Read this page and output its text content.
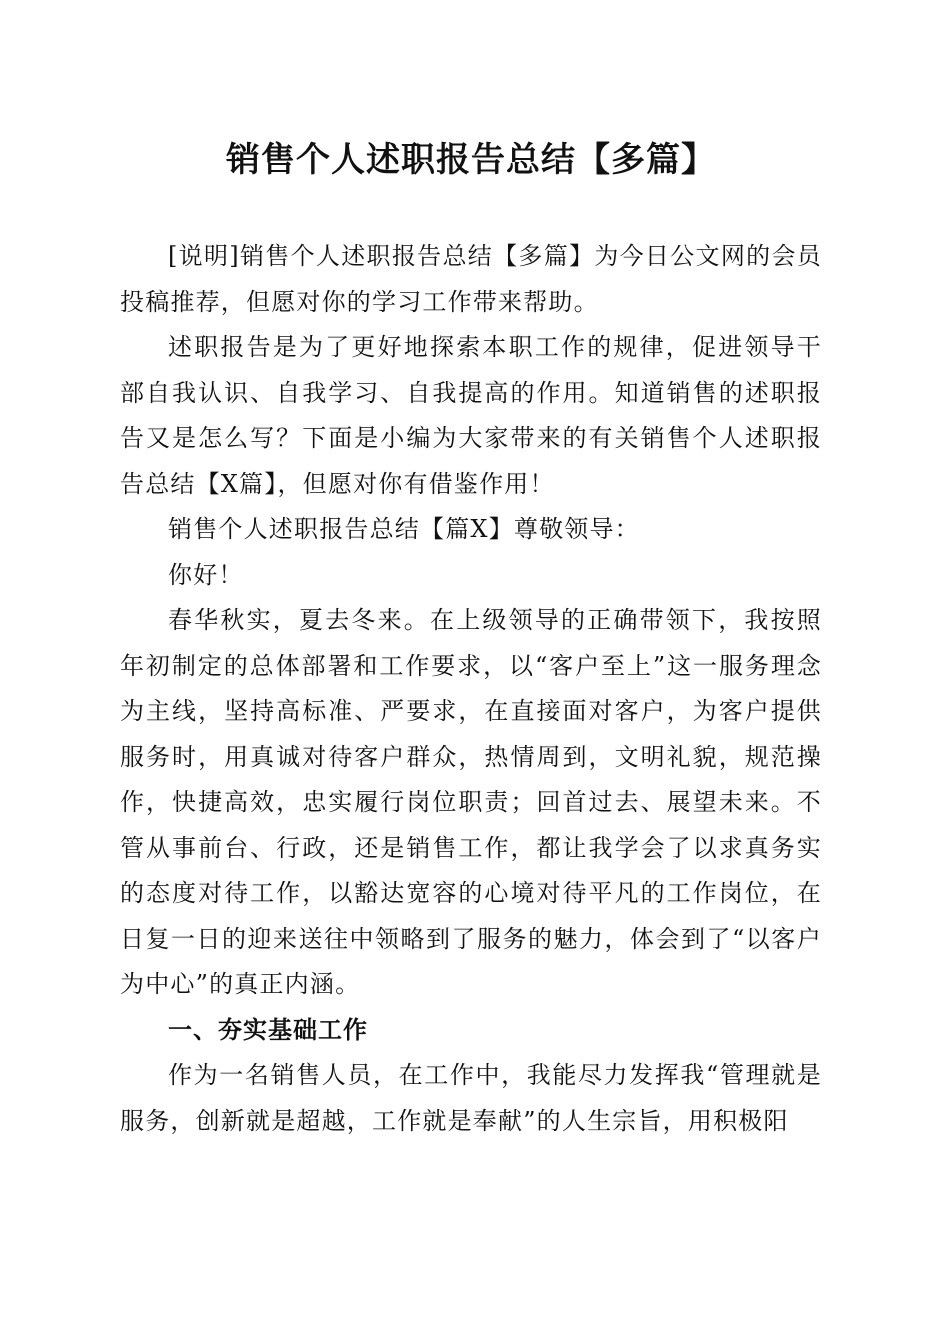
销售个人述职报告总结【多篇】

[说明]销售个人述职报告总结【多篇】为今日公文网的会员投稿推荐，但愿对你的学习工作带来帮助。

述职报告是为了更好地探索本职工作的规律，促进领导干部自我认识、自我学习、自我提高的作用。知道销售的述职报告又是怎么写？下面是小编为大家带来的有关销售个人述职报告总结【X篇】，但愿对你有借鉴作用！

销售个人述职报告总结【篇X】尊敬领导：

你好！

春华秋实，夏去冬来。在上级领导的正确带领下，我按照年初制定的总体部署和工作要求，以“客户至上”这一服务理念为主线，坚持高标准、严要求，在直接面对客户，为客户提供服务时，用真诚对待客户群众，热情周到，文明礼貌，规范操作，快捷高效，忠实履行岗位职责；回首过去、展望未来。不管从事前台、行政，还是销售工作，都让我学会了以求真务实的态度对待工作，以豁达宽容的心境对待平凡的工作岗位，在日复一日的迎来送往中领略到了服务的魅力，体会到了“以客户为中心”的真正内涵。

一、夯实基础工作

作为一名销售人员，在工作中，我能尽力发挥我“管理就是服务，创新就是超越，工作就是奉献”的人生宗旨，用积极阳
